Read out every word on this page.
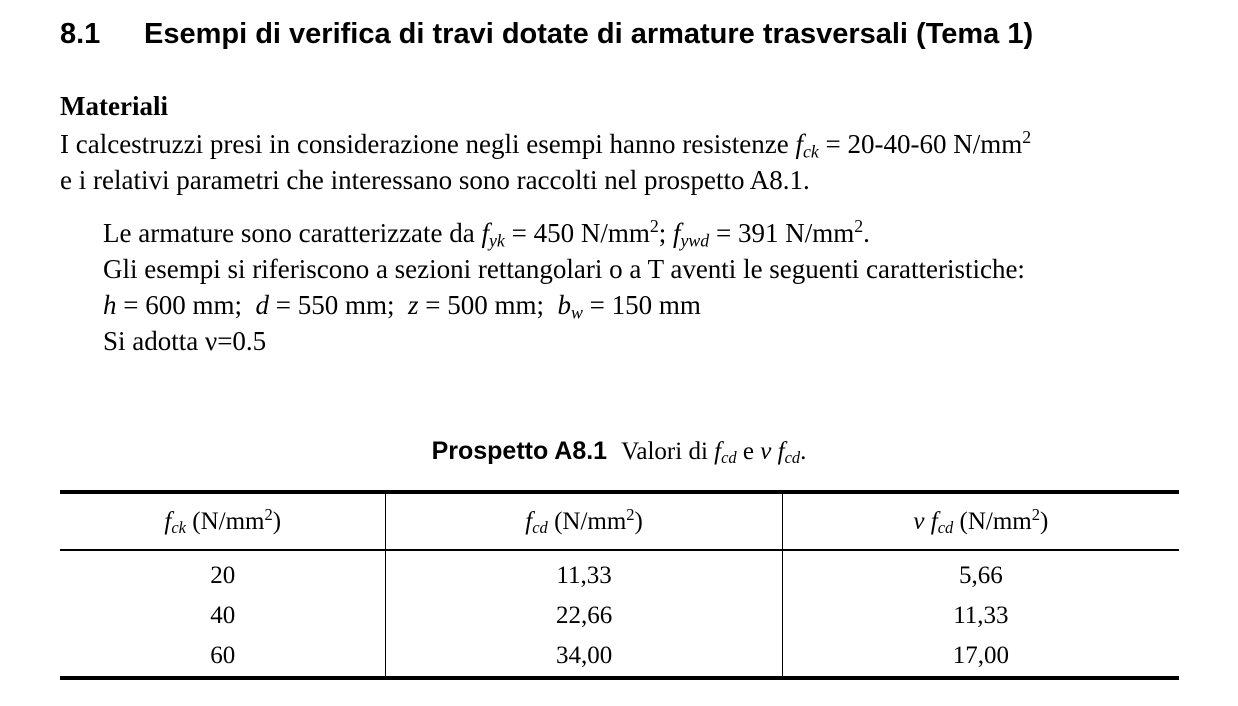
8.1 Esempi di verifica di travi dotate di armature trasversali (Tema 1)
Materiali
I calcestruzzi presi in considerazione negli esempi hanno resistenze $f_{ck} = 20-40-60$ $N/mm^2$
e i relativi parametri che interessano sono raccolti nel prospetto A8.1.
Le armature sono caratterizzate da $f_{yk} = 450$ $N/mm^2$; $f_{ywd} = 391$ $N/mm^2$.
Gli esempi si riferiscono a sezioni rettangolari o a T aventi le seguenti caratteristiche:
h = 600 mm;  d = 550 mm;  z = 500 mm;  $b_w = 150$ mm
Si adotta ν=0.5
Prospetto A8.1 Valori di $f_{cd}$ e ν $f_{cd}$.
$f_{ck}$ $(N/mm^2)$	$f_{cd}$ $(N/mm^2)$	ν $f_{cd}$ $(N/mm^2)$
20	11,33	5,66
40	22,66	11,33
60	34,00	17,00
